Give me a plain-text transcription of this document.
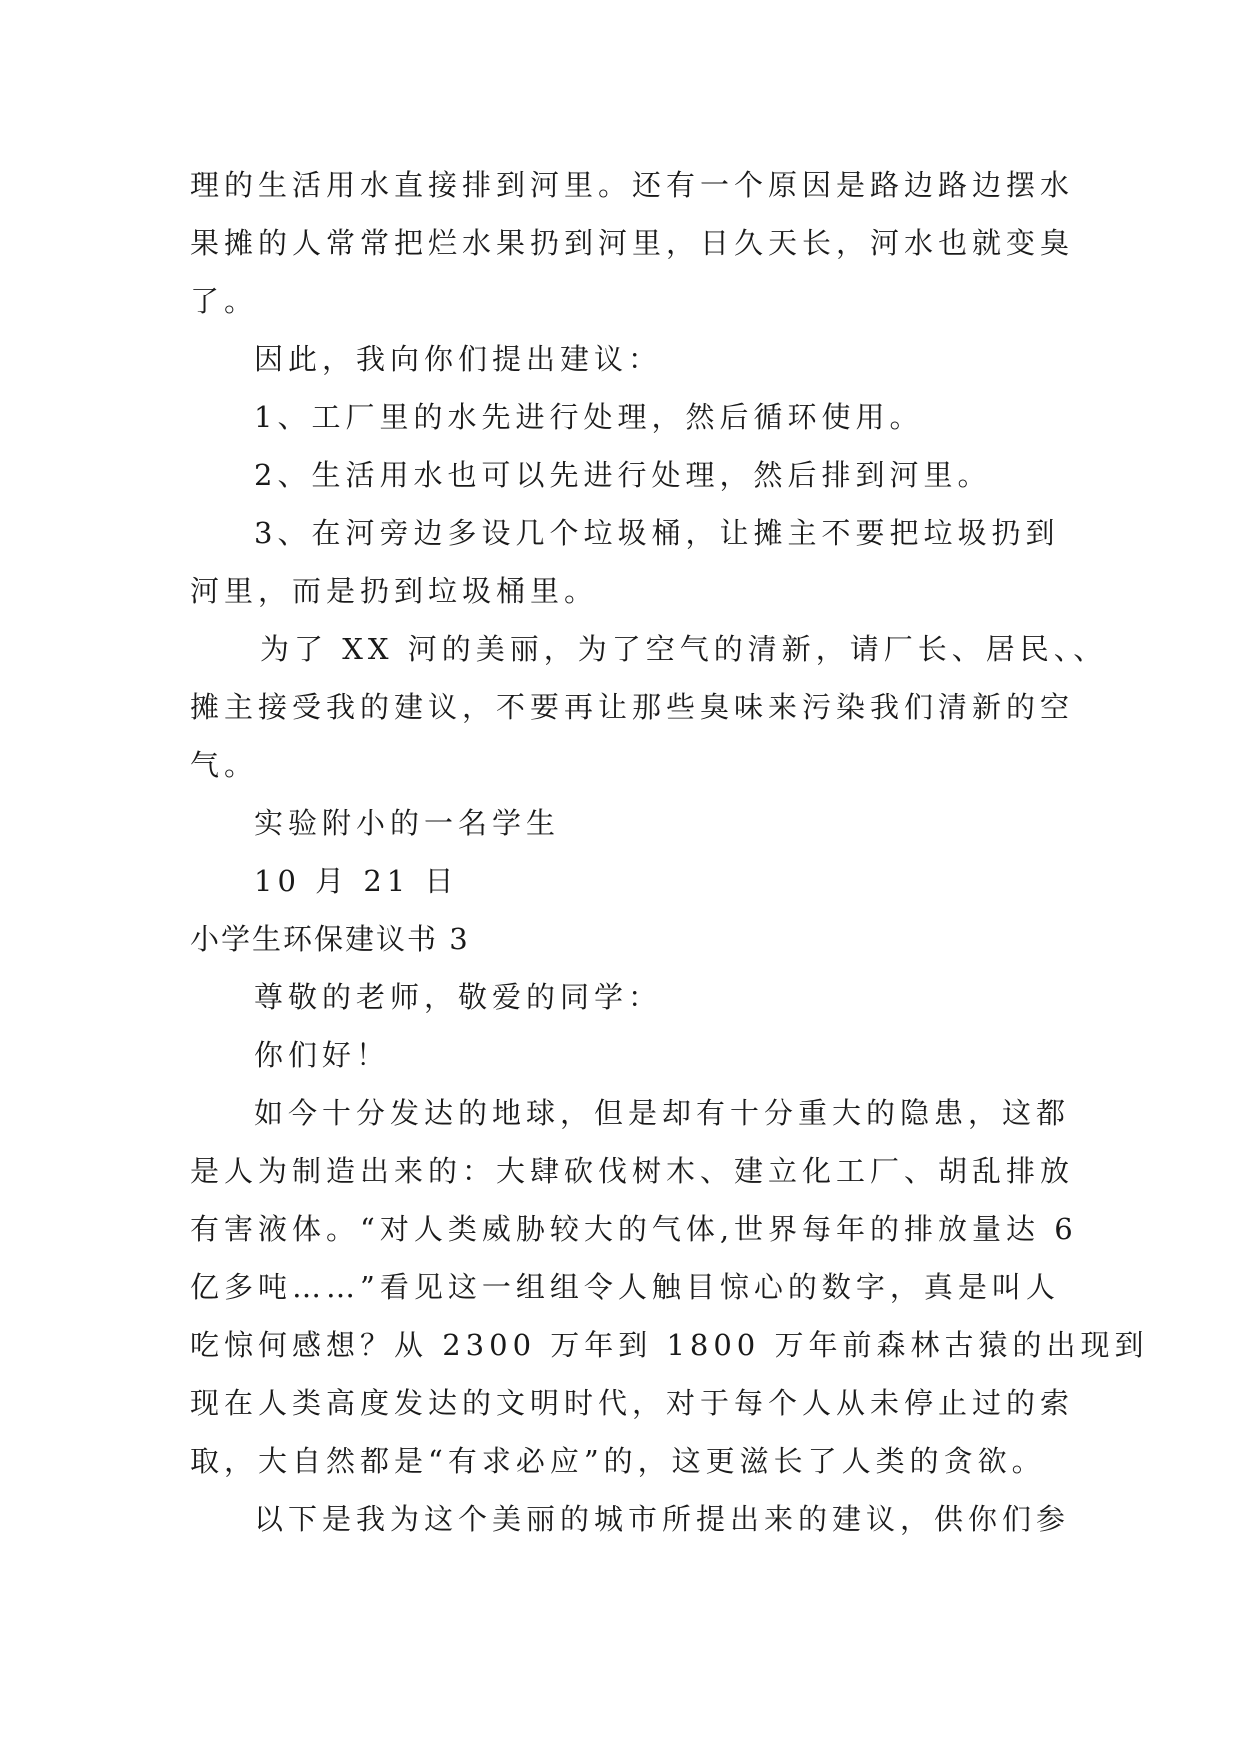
理的生活用水直接排到河里。还有一个原因是路边路边摆水
果摊的人常常把烂水果扔到河里，日久天长，河水也就变臭
了。
因此，我向你们提出建议：
1、工厂里的水先进行处理，然后循环使用。
2、生活用水也可以先进行处理，然后排到河里。
3、在河旁边多设几个垃圾桶，让摊主不要把垃圾扔到
河里，而是扔到垃圾桶里。
为了 XX 河的美丽，为了空气的清新，请厂长、居民、、
摊主接受我的建议，不要再让那些臭味来污染我们清新的空
气。
实验附小的一名学生
10 月 21 日
小学生环保建议书 3
尊敬的老师，敬爱的同学：
你们好！
如今十分发达的地球，但是却有十分重大的隐患，这都
是人为制造出来的：大肆砍伐树木、建立化工厂、胡乱排放
有害液体。“对人类威胁较大的气体,世界每年的排放量达 6
亿多吨……”看见这一组组令人触目惊心的数字，真是叫人
吃惊何感想？从 2300 万年到 1800 万年前森林古猿的出现到
现在人类高度发达的文明时代，对于每个人从未停止过的索
取，大自然都是“有求必应”的，这更滋长了人类的贪欲。
以下是我为这个美丽的城市所提出来的建议，供你们参
